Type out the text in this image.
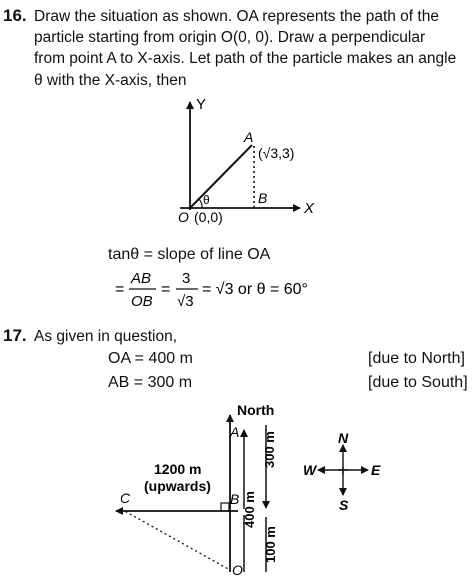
16. Draw the situation as shown. OA represents the path of the
particle starting from origin O(0, 0). Draw a perpendicular
from point A to X-axis. Let path of the particle makes an angle
θ with the X-axis, then
Y
X
A
(√3,3)
B
O (0,0)
θ
=
AB
OB
=
3
√3
= √3 or θ = 60°
North
A
B
C
O
1200 m
(upwards)
300 m
400 m
100 m
N
S
E
W
tanθ = slope of line OA
17. As given in question,
OA = 400 m	[due to North]
AB = 300 m	[due to South]
